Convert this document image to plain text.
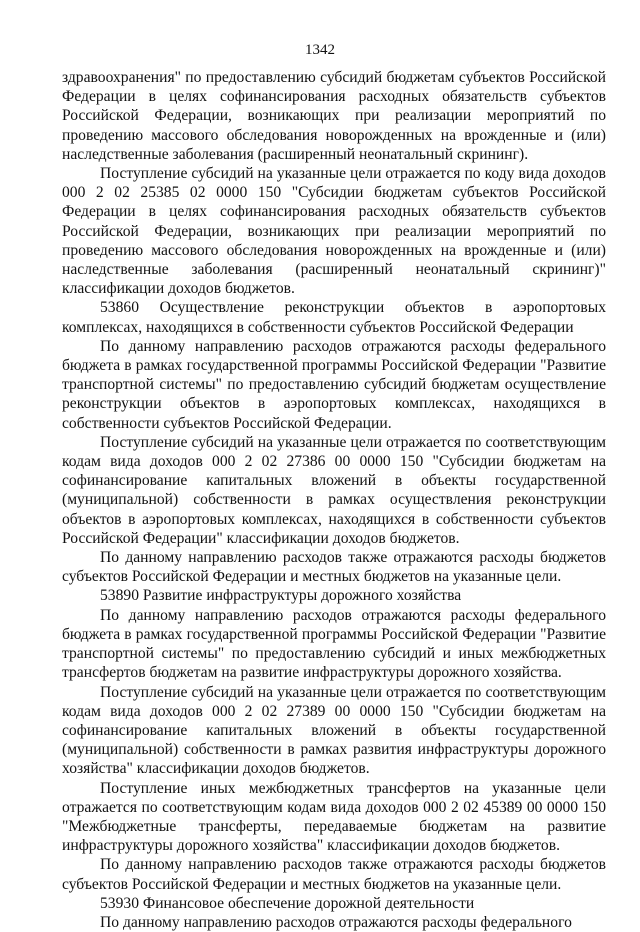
1342

здравоохранения" по предоставлению субсидий бюджетам субъектов Российской Федерации в целях софинансирования расходных обязательств субъектов Российской Федерации, возникающих при реализации мероприятий по проведению массового обследования новорожденных на врожденные и (или) наследственные заболевания (расширенный неонатальный скрининг).

Поступление субсидий на указанные цели отражается по коду вида доходов 000 2 02 25385 02 0000 150 "Субсидии бюджетам субъектов Российской Федерации в целях софинансирования расходных обязательств субъектов Российской Федерации, возникающих при реализации мероприятий по проведению массового обследования новорожденных на врожденные и (или) наследственные заболевания (расширенный неонатальный скрининг)" классификации доходов бюджетов.

53860 Осуществление реконструкции объектов в аэропортовых комплексах, находящихся в собственности субъектов Российской Федерации

По данному направлению расходов отражаются расходы федерального бюджета в рамках государственной программы Российской Федерации "Развитие транспортной системы" по предоставлению субсидий бюджетам осуществление реконструкции объектов в аэропортовых комплексах, находящихся в собственности субъектов Российской Федерации.

Поступление субсидий на указанные цели отражается по соответствующим кодам вида доходов 000 2 02 27386 00 0000 150 "Субсидии бюджетам на софинансирование капитальных вложений в объекты государственной (муниципальной) собственности в рамках осуществления реконструкции объектов в аэропортовых комплексах, находящихся в собственности субъектов Российской Федерации" классификации доходов бюджетов.

По данному направлению расходов также отражаются расходы бюджетов субъектов Российской Федерации и местных бюджетов на указанные цели.

53890 Развитие инфраструктуры дорожного хозяйства

По данному направлению расходов отражаются расходы федерального бюджета в рамках государственной программы Российской Федерации "Развитие транспортной системы" по предоставлению субсидий и иных межбюджетных трансфертов бюджетам на развитие инфраструктуры дорожного хозяйства.

Поступление субсидий на указанные цели отражается по соответствующим кодам вида доходов 000 2 02 27389 00 0000 150 "Субсидии бюджетам на софинансирование капитальных вложений в объекты государственной (муниципальной) собственности в рамках развития инфраструктуры дорожного хозяйства" классификации доходов бюджетов.

Поступление иных межбюджетных трансфертов на указанные цели отражается по соответствующим кодам вида доходов 000 2 02 45389 00 0000 150 "Межбюджетные трансферты, передаваемые бюджетам на развитие инфраструктуры дорожного хозяйства" классификации доходов бюджетов.

По данному направлению расходов также отражаются расходы бюджетов субъектов Российской Федерации и местных бюджетов на указанные цели.

53930 Финансовое обеспечение дорожной деятельности

По данному направлению расходов отражаются расходы федерального
